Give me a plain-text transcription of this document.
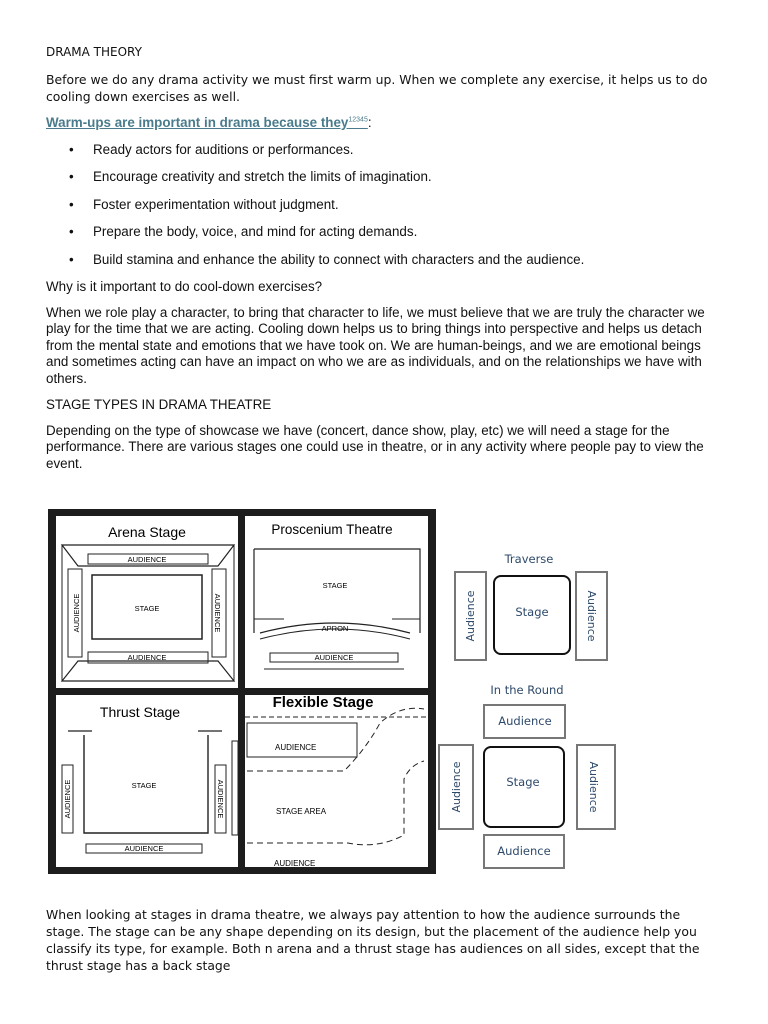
DRAMA THEORY

Before we do any drama activity we must first warm up. When we complete any exercise, it helps us to do cooling down exercises as well.

Warm-ups are important in drama because they$^{12345}$:

• Ready actors for auditions or performances.
• Encourage creativity and stretch the limits of imagination.
• Foster experimentation without judgment.
• Prepare the body, voice, and mind for acting demands.
• Build stamina and enhance the ability to connect with characters and the audience.

Why is it important to do cool-down exercises?

When we role play a character, to bring that character to life, we must believe that we are truly the character we play for the time that we are acting. Cooling down helps us to bring things into perspective and helps us detach from the mental state and emotions that we have took on. We are human-beings, and we are emotional beings and sometimes acting can have an impact on who we are as individuals, and on the relationships we have with others.

STAGE TYPES IN DRAMA THEATRE

Depending on the type of showcase we have (concert, dance show, play, etc) we will need a stage for the performance. There are various stages one could use in theatre, or in any activity where people pay to view the event.

Arena Stage
AUDIENCE
AUDIENCE
AUDIENCE	AUDIENCE
STAGE
Proscenium Theatre
STAGE
APRON
AUDIENCE
Thrust Stage
STAGE
AUDIENCE	AUDIENCE
AUDIENCE
Flexible Stage
AUDIENCE
STAGE AREA
AUDIENCE
Traverse
Audience	Stage	Audience
In the Round
Audience
Audience	Stage	Audience
Audience

When looking at stages in drama theatre, we always pay attention to how the audience surrounds the stage. The stage can be any shape depending on its design, but the placement of the audience help you classify its type, for example. Both n arena and a thrust stage has audiences on all sides, except that the thrust stage has a back stage
